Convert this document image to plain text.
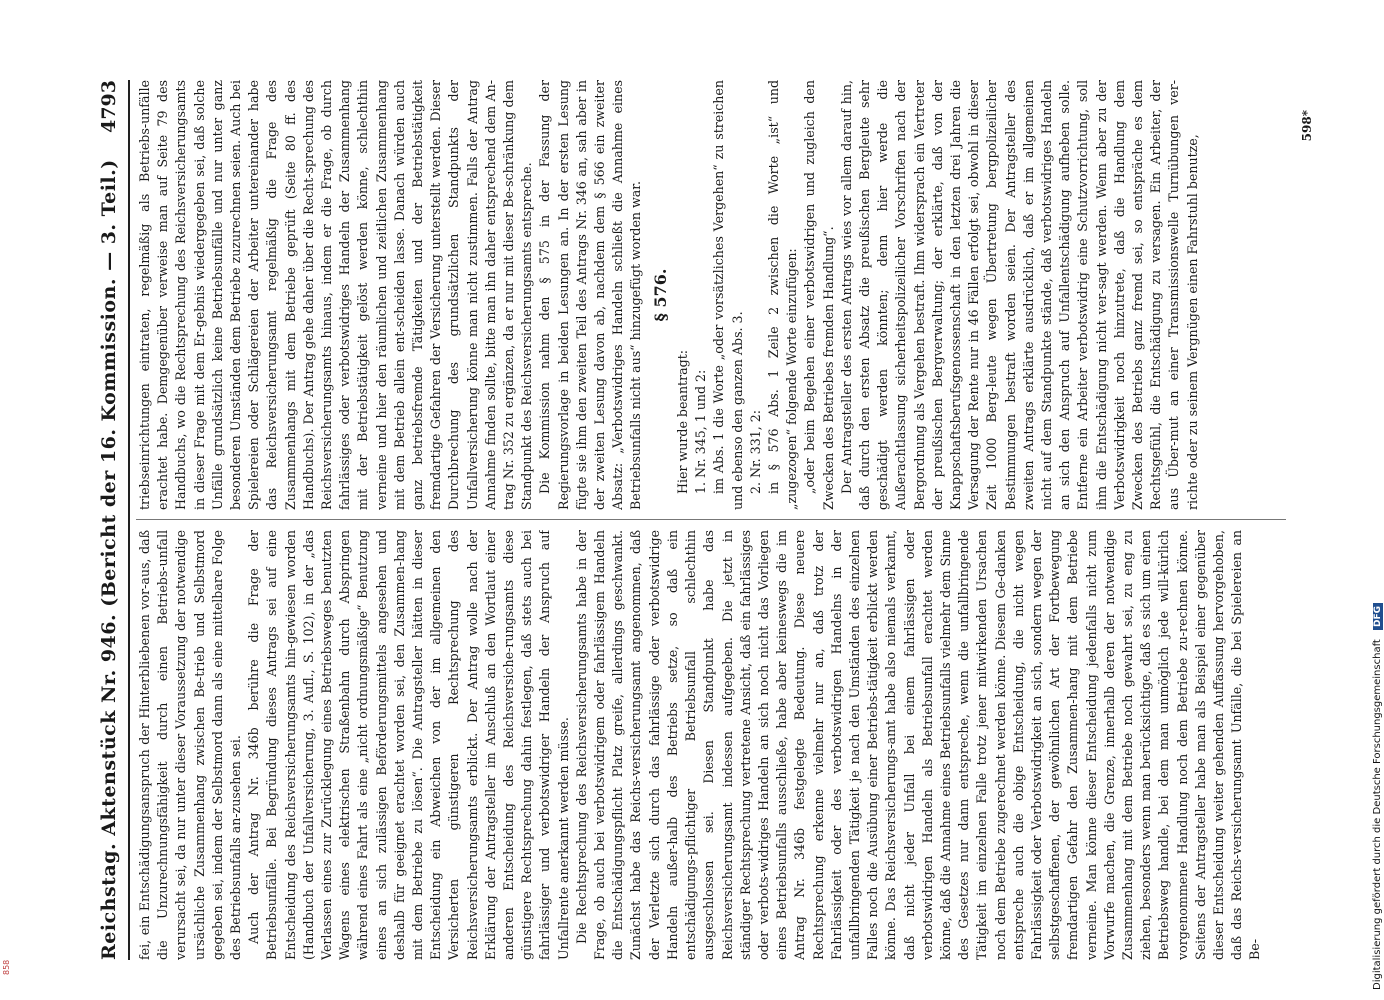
Reichstag. Aktenstück Nr. 946. (Bericht der 16. Kommission. — 3. Teil.)
4793

fei, ein Entschädigungsanspruch der Hinterbliebenen vor-aus, daß die Unzurechnungsfähigkeit durch einen Betriebs-unfall verursacht sei, da nur unter dieser Voraussetzung der notwendige ursächliche Zusammenhang zwischen Be-trieb und Selbstmord gegeben sei, indem der Selbstmord dann als eine mittelbare Folge des Betriebsunfalls an-zusehen sei. Auch der Antrag Nr. 346b berühre die Frage der Betriebsunfälle. Bei Begründung dieses Antrags sei auf eine Entscheidung des Reichsversicherungsamts hin-gewiesen worden (Handbuch der Unfallversicherung, 3. Aufl., S. 102), in der „das Verlassen eines zur Zurücklegung eines Betriebsweges benutzten Wagens eines elektrischen Straßenbahn durch Abspringen während eines Fahrt als eine „nicht ordnungsmäßige“ Benutzung eines an sich zulässigen Beförderungsmittels angesehen und deshalb für geeignet erachtet worden sei, den Zusammen-hang mit dem Betriebe zu lösen“. Die Antragsteller hätten in dieser Entscheidung ein Abweichen von der im allgemeinen den Versicherten günstigeren Rechtsprechung des Reichsversicherungsamts erblickt. Der Antrag wolle nach der Erklärung der Antragsteller im Anschluß an den Wortlaut einer anderen Entscheidung des Reichsversiche-rungsamts diese günstigere Rechtsprechung dahin festlegen, daß stets auch bei fahrlässiger und verbotswidriger Handeln der Anspruch auf Unfallrente anerkannt werden müsse. Die Rechtsprechung des Reichsversicherungsamts habe in der Frage, ob auch bei verbotswidrigem oder fahrlässigem Handeln die Entschädigungspflicht Platz greife, allerdings geschwankt. Zunächst habe das Reichs-versicherungsamt angenommen, daß der Verletzte sich durch das fahrlässige oder verbotswidrige Handeln außer-halb des Betriebs setze, so daß ein entschädigungs-pflichtiger Betriebsunfall schlechthin ausgeschlossen sei. Diesen Standpunkt habe das Reichsversicherungsamt indessen aufgegeben. Die jetzt in ständiger Rechtsprechung vertretene Ansicht, daß ein fahrlässiges oder verbots-widriges Handeln an sich noch nicht das Vorliegen eines Betriebsunfalls ausschließe, habe aber keineswegs die im Antrag Nr. 346b festgelegte Bedeutung. Diese neuere Rechtsprechung erkenne vielmehr nur an, daß trotz der Fahrlässigkeit oder des verbotswidrigen Handelns in der unfallbringenden Tätigkeit je nach den Umständen des einzelnen Falles noch die Ausübung einer Betriebs-tätigkeit erblickt werden könne. Das Reichsversicherungs-amt habe also niemals verkannt, daß nicht jeder Unfall bei einem fahrlässigen oder verbotswidrigen Handeln als Betriebsunfall erachtet werden könne, daß die Annahme eines Betriebsunfalls vielmehr dem Sinne des Gesetzes nur dann entspreche, wenn die unfallbringende Tätigkeit im einzelnen Falle trotz jener mitwirkenden Ursachen noch dem Betriebe zugerechnet werden könne. Diesem Ge-danken entspreche auch die obige Entscheidung, die nicht wegen Fahrlässigkeit oder Verbotswidrigkeit an sich, sondern wegen der selbstgeschaffenen, der gewöhnlichen Art der Fortbewegung fremdartigen Gefahr den Zusammen-hang mit dem Betriebe verneine. Man könne dieser Entscheidung jedenfalls nicht zum Vorwurfe machen, die Grenze, innerhalb deren der notwendige Zusammenhang mit dem Betriebe noch gewahrt sei, zu eng zu ziehen, besonders wenn man berücksichtige, daß es sich um einen Betriebsweg handle, bei dem man unmöglich jede will-kürlich vorgenommene Handlung noch dem Betriebe zu-rechnen könne. Seitens der Antragsteller habe man als Beispiel einer gegenüber dieser Entscheidung weiter gehenden Auffassung hervorgehoben, daß das Reichs-versicherungsamt Unfälle, die bei Spielereien an Be-

triebseinrichtungen eintraten, regelmäßig als Betriebs-unfälle erachtet habe. Demgegenüber verweise man auf Seite 79 des Handbuchs, wo die Rechtsprechung des Reichsversicherungsamts in dieser Frage mit dem Er-gebnis wiedergegeben sei, daß solche Unfälle grundsätzlich keine Betriebsunfälle und nur unter ganz besonderen Umständen dem Betriebe zuzurechnen seien. Auch bei Spielereien oder Schlägereien der Arbeiter untereinander habe das Reichsversicherungsamt regelmäßig die Frage des Zusammenhangs mit dem Betriebe geprüft (Seite 80 ff. des Handbuchs). Der Antrag gehe daher über die Recht-sprechung des Reichsversicherungsamts hinaus, indem er die Frage, ob durch fahrlässiges oder verbotswidriges Handeln der Zusammenhang mit der Betriebstätigkeit gelöst werden könne, schlechthin verneine und hier den räumlichen und zeitlichen Zusammenhang mit dem Betrieb allein ent-scheiden lasse. Danach würden auch ganz betriebsfremde Tätigkeiten und der Betriebstätigkeit fremdartige Gefahren der Versicherung unterstellt werden. Dieser Durchbrechung des grundsätzlichen Standpunkts der Unfallversicherung könne man nicht zustimmen. Falls der Antrag Annahme finden sollte, bitte man ihn daher entsprechend dem An-trag Nr. 352 zu ergänzen, da er nur mit dieser Be-schränkung dem Standpunkt des Reichsversicherungsamts entspreche. Die Kommission nahm den § 575 in der Fassung der Regierungsvorlage in beiden Lesungen an. In der ersten Lesung fügte sie ihm den zweiten Teil des Antrags Nr. 346 an, sah aber in der zweiten Lesung davon ab, nachdem dem § 566 ein zweiter Absatz: „Verbotswidriges Handeln schließt die Annahme eines Betriebsunfalls nicht aus“ hinzugefügt worden war. § 576.

Hier wurde beantragt: 1. Nr. 345, 1 und 2: im Abs. 1 die Worte „oder vorsätzliches Vergehen“ zu streichen und ebenso den ganzen Abs. 3. 2. Nr. 331, 2: in § 576 Abs. 1 Zeile 2 zwischen die Worte „ist“ und „zugezogen“ folgende Worte einzufügen: „oder beim Begehen einer verbotswidrigen und zugleich den Zwecken des Betriebes fremden Handlung“. Der Antragsteller des ersten Antrags wies vor allem darauf hin, daß durch den ersten Absatz die preußischen Bergleute sehr geschädigt werden könnten; denn hier werde die Außerachtlassung sicherheitspolizeilicher Vorschriften nach der Bergordnung als Vergehen bestraft. Ihm widersprach ein Vertreter der preußischen Bergverwaltung; der erklärte, daß von der Knappschaftsberufsgenossenschaft in den letzten drei Jahren die Versagung der Rente nur in 46 Fällen erfolgt sei, obwohl in dieser Zeit 1000 Berg-leute wegen Übertretung bergpolizeilicher Bestimmungen bestraft worden seien. Der Antragsteller des zweiten Antrags erklärte ausdrücklich, daß er im allgemeinen nicht auf dem Standpunkte stände, daß verbotswidriges Handeln an sich den Anspruch auf Unfallentschädigung aufheben solle. Entferne ein Arbeiter verbotswidrig eine Schutzvorrichtung, soll ihm die Entschädigung nicht ver-sagt werden. Wenn aber zu der Verbotswidrigkeit noch hinzutrete, daß die Handlung dem Zwecken des Betriebs ganz fremd sei, so entspräche es dem Rechtsgefühl, die Entschädigung zu versagen. Ein Arbeiter, der aus Über-mut an einer Transmissionswelle Turnübungen ver-richte oder zu seinem Vergnügen einen Fahrstuhl benutze,

598*
Digitalisierung gefördert durch die Deutsche Forschungsgemeinschaft DFG
858
